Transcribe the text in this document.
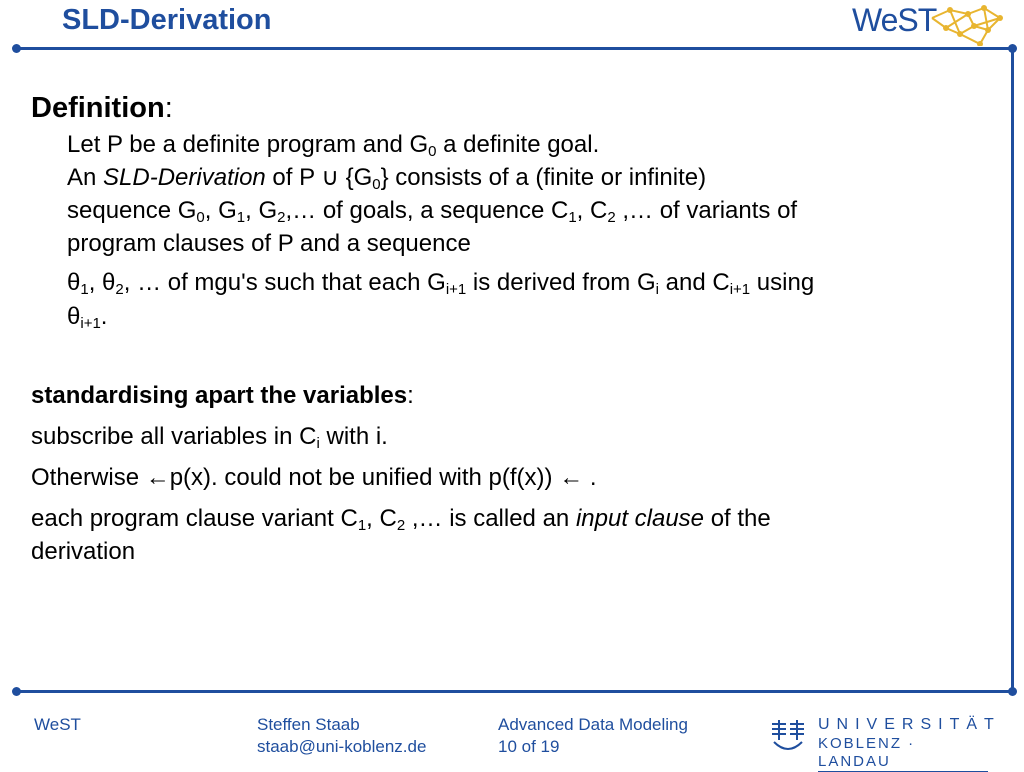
SLD-Derivation	WeST
Definition:

Let P be a definite program and $G_0$ a definite goal.

An SLD-Derivation of P ∪ $\{G_0\}$ consists of a (finite or infinite)

sequence $G_0$, $G_1$, $G_2,\dots$ of goals, a sequence $C_1$, $C_2$ ,… of variants of

program clauses of P and a sequence

$\theta_1$, $\theta_2$, … of mgu's such that each $G_{i+1}$ is derived from $G_i$ and $C_{i+1}$ using

$\theta_{i+1}$.

standardising apart the variables:

subscribe all variables in $C_i$ with i.

Otherwise ←p(x). could not be unified with p(f(x)) ← .

each program clause variant $C_1$, $C_2$ ,… is called an input clause of the

derivation

WeST	Steffen Staab
staab@uni-koblenz.de
Advanced Data Modeling
10 of 19
UNIVERSITÄT
KOBLENZ · LANDAU
